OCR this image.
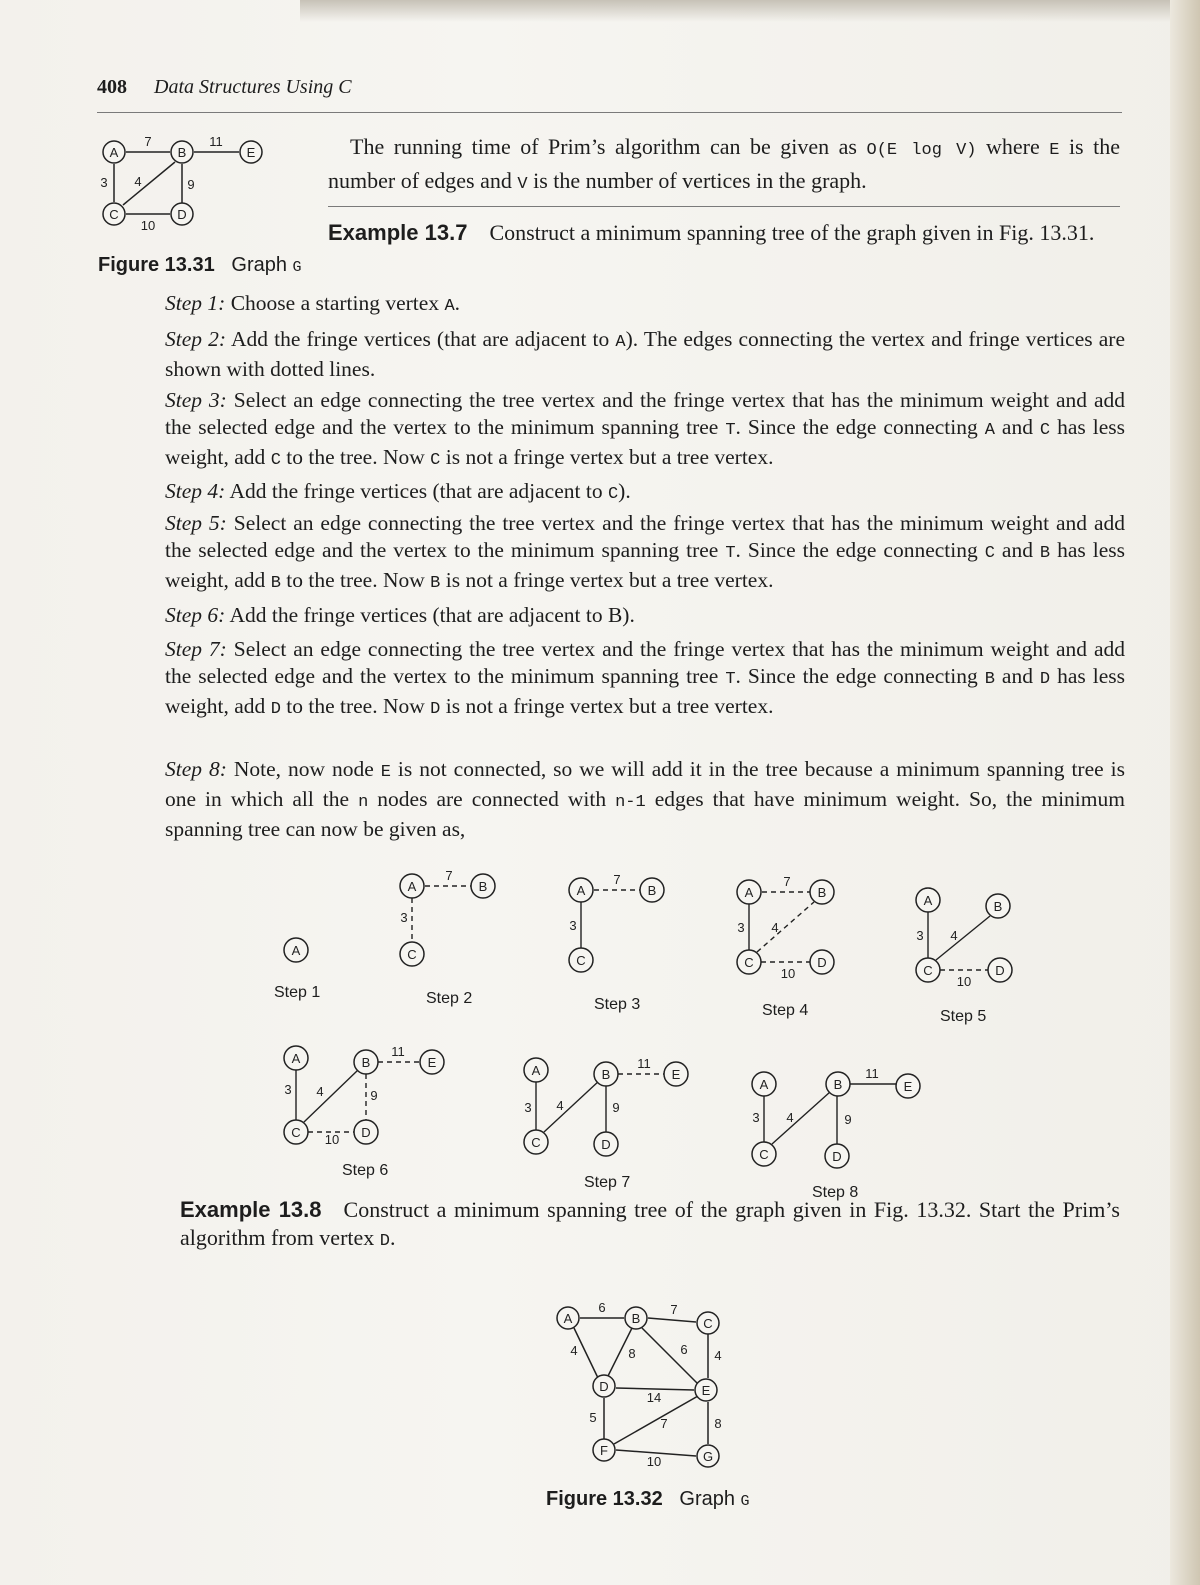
408 Data Structures Using C
A	B	E
C	D
7	11
3 4	9
10
Figure 13.31 Graph G
The running time of Prim’s algorithm can be given as O(E log V) where E is the number of edges and V is the number of vertices in the graph.
Example 13.7 Construct a minimum spanning tree of the graph given in Fig. 13.31.
Step 1: Choose a starting vertex A.
Step 2: Add the fringe vertices (that are adjacent to A). The edges connecting the vertex and fringe vertices are shown with dotted lines.
Step 3: Select an edge connecting the tree vertex and the fringe vertex that has the minimum weight and add the selected edge and the vertex to the minimum spanning tree T. Since the edge connecting A and C has less weight, add C to the tree. Now C is not a fringe vertex but a tree vertex.
Step 4: Add the fringe vertices (that are adjacent to C).
Step 5: Select an edge connecting the tree vertex and the fringe vertex that has the minimum weight and add the selected edge and the vertex to the minimum spanning tree T. Since the edge connecting C and B has less weight, add B to the tree. Now B is not a fringe vertex but a tree vertex.
Step 6: Add the fringe vertices (that are adjacent to B).
Step 7: Select an edge connecting the tree vertex and the fringe vertex that has the minimum weight and add the selected edge and the vertex to the minimum spanning tree T. Since the edge connecting B and D has less weight, add D to the tree. Now D is not a fringe vertex but a tree vertex.
Step 8: Note, now node E is not connected, so we will add it in the tree because a minimum spanning tree is one in which all the n nodes are connected with n-1 edges that have minimum weight. So, the minimum spanning tree can now be given as,
A
A	B
C
A	B
C
A	B
C	D
A	B
C	D
A	B	E
C	D
A	B	E
C	D
A	B	E
C	D
7
3
7
3
7
3 4
10
3 4
10
3 4
11
9
10
3 4
11
9
3 4
11
9
Step 1	Step 2	Step 3	Step 4	Step 5
Step 6
Step 7
Step 8
Example 13.8 Construct a minimum spanning tree of the graph given in Fig. 13.32. Start the Prim’s algorithm from vertex D.
A	B	C
D	E
F	G
6	7
4	8	6 4
14
5	7	8
10
Figure 13.32 Graph G
